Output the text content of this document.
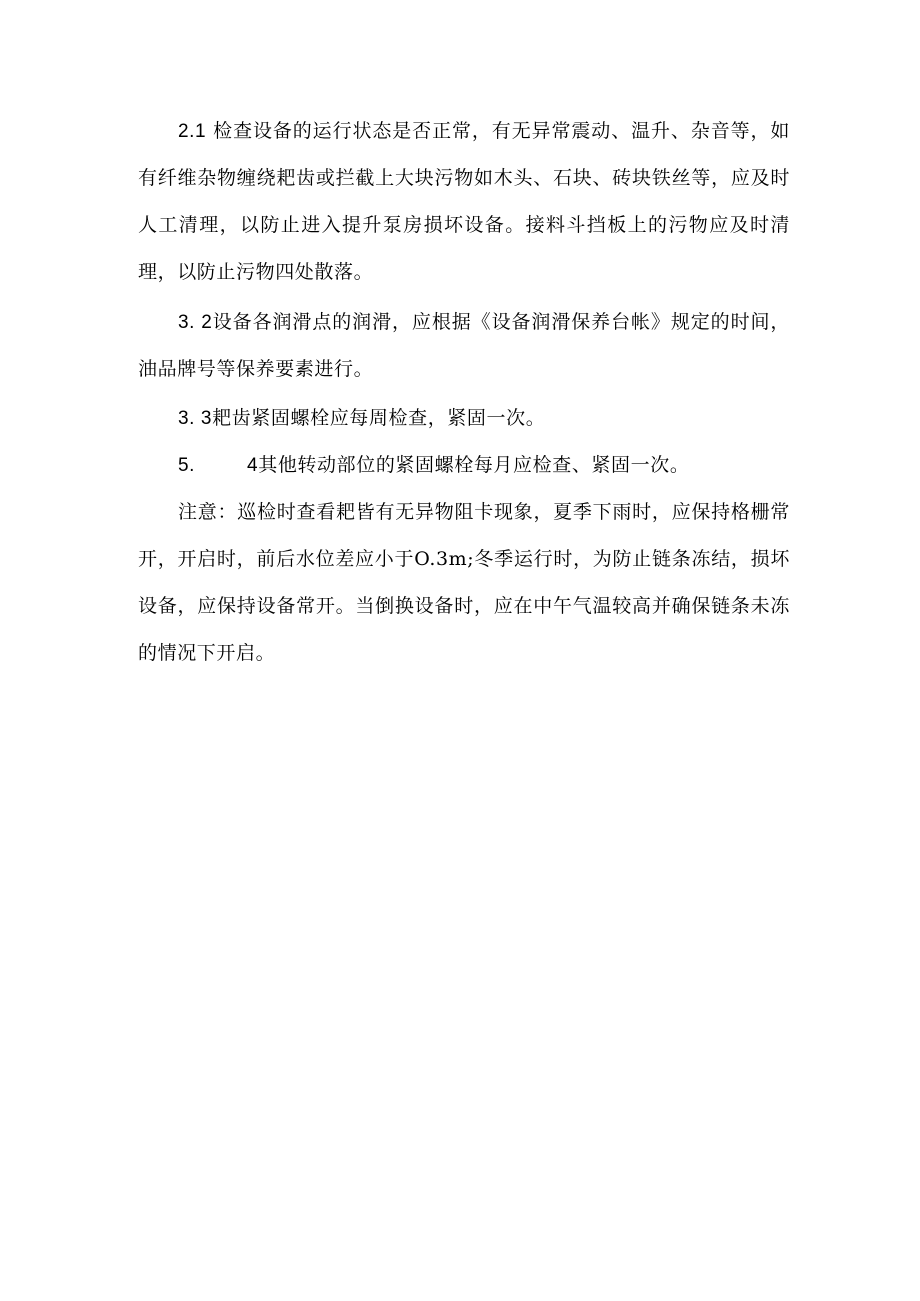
2.1 检查设备的运行状态是否正常，有无异常震动、温升、杂音等，如有纤维杂物缠绕耙齿或拦截上大块污物如木头、石块、砖块铁丝等，应及时人工清理，以防止进入提升泵房损坏设备。接料斗挡板上的污物应及时清理，以防止污物四处散落。

3. 2设备各润滑点的润滑，应根据《设备润滑保养台帐》规定的时间，油品牌号等保养要素进行。

3. 3耙齿紧固螺栓应每周检查，紧固一次。

5.	4其他转动部位的紧固螺栓每月应检查、紧固一次。

注意：巡检时查看耙皆有无异物阻卡现象，夏季下雨时，应保持格栅常开，开启时，前后水位差应小于O.3m;冬季运行时，为防止链条冻结，损坏设备，应保持设备常开。当倒换设备时，应在中午气温较高并确保链条未冻的情况下开启。
